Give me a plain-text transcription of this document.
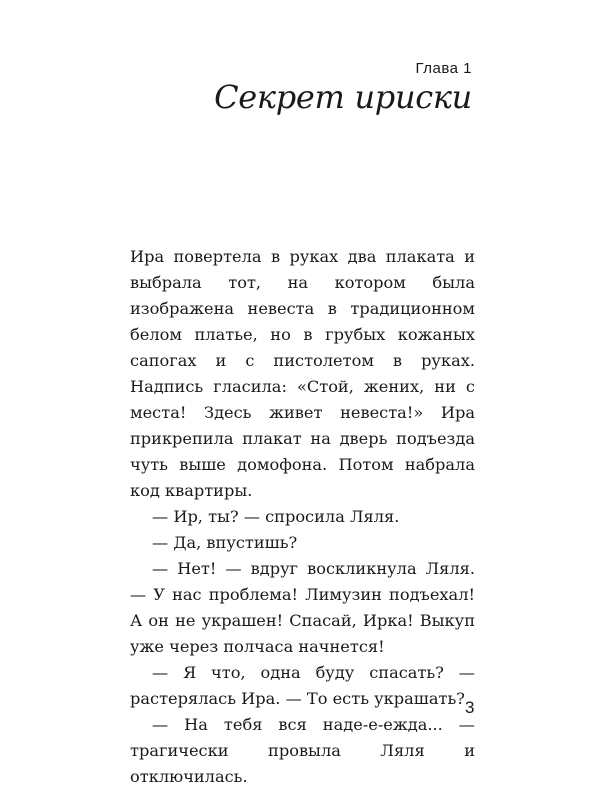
Глава 1
Секрет ириски

Ира повертела в руках два плаката и выбрала тот, на котором была изображена невеста в традиционном белом платье, но в грубых кожаных сапогах и с пистолетом в руках. Надпись гласила: «Стой, жених, ни с места! Здесь живет невеста!» Ира прикрепила плакат на дверь подъезда чуть выше домофона. Потом набрала код квартиры.

— Ир, ты? — спросила Ляля.

— Да, впустишь?

— Нет! — вдруг воскликнула Ляля. — У нас проблема! Лимузин подъехал! А он не украшен! Спасай, Ирка! Выкуп уже через полчаса начнется!

— Я что, одна буду спасать? — растерялась Ира. — То есть украшать?

— На тебя вся наде-е-ежда... — трагически провыла Ляля и отключилась.

3
